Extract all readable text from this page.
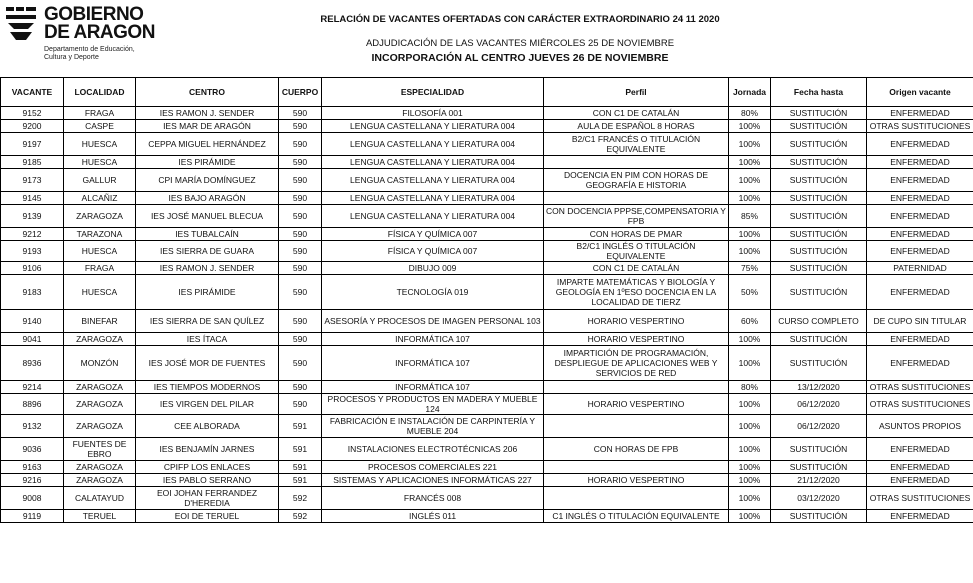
GOBIERNO
DE ARAGON
Departamento de Educación,
Cultura y Deporte
RELACIÓN DE VACANTES OFERTADAS CON CARÁCTER EXTRAORDINARIO 24 11 2020
ADJUDICACIÓN DE LAS VACANTES MIÉRCOLES 25 DE NOVIEMBRE
INCORPORACIÓN AL CENTRO JUEVES 26 DE NOVIEMBRE
VACANTE	LOCALIDAD	CENTRO	CUERPO	ESPECIALIDAD	Perfil	Jornada	Fecha hasta	Origen vacante
9152	FRAGA	IES RAMON J. SENDER	590	FILOSOFÍA 001	CON C1 DE CATALÁN	80%	SUSTITUCIÓN	ENFERMEDAD
9200	CASPE	IES MAR DE ARAGÓN	590	LENGUA CASTELLANA Y LIERATURA 004	AULA DE ESPAÑOL 8 HORAS	100%	SUSTITUCIÓN	OTRAS SUSTITUCIONES
9197	HUESCA	CEPPA MIGUEL HERNÁNDEZ	590	LENGUA CASTELLANA Y LIERATURA 004	B2/C1 FRANCÉS O TITULACIÓN EQUIVALENTE	100%	SUSTITUCIÓN	ENFERMEDAD
9185	HUESCA	IES PIRÁMIDE	590	LENGUA CASTELLANA Y LIERATURA 004		100%	SUSTITUCIÓN	ENFERMEDAD
9173	GALLUR	CPI MARÍA DOMÍNGUEZ	590	LENGUA CASTELLANA Y LIERATURA 004	DOCENCIA EN PIM CON HORAS DE GEOGRAFÍA E HISTORIA	100%	SUSTITUCIÓN	ENFERMEDAD
9145	ALCAÑIZ	IES BAJO ARAGÓN	590	LENGUA CASTELLANA Y LIERATURA 004		100%	SUSTITUCIÓN	ENFERMEDAD
9139	ZARAGOZA	IES JOSÉ MANUEL BLECUA	590	LENGUA CASTELLANA Y LIERATURA 004	CON DOCENCIA PPPSE,COMPENSATORIA Y FPB	85%	SUSTITUCIÓN	ENFERMEDAD
9212	TARAZONA	IES TUBALCAÍN	590	FÍSICA Y QUÍMICA 007	CON HORAS DE PMAR	100%	SUSTITUCIÓN	ENFERMEDAD
9193	HUESCA	IES SIERRA DE GUARA	590	FÍSICA Y QUÍMICA 007	B2/C1 INGLÉS O TITULACIÓN EQUIVALENTE	100%	SUSTITUCIÓN	ENFERMEDAD
9106	FRAGA	IES RAMON J. SENDER	590	DIBUJO 009	CON C1 DE CATALÁN	75%	SUSTITUCIÓN	PATERNIDAD
9183	HUESCA	IES PIRÁMIDE	590	TECNOLOGÍA 019	IMPARTE MATEMÁTICAS Y BIOLOGÍA Y GEOLOGÍA EN 1ºESO DOCENCIA EN LA LOCALIDAD DE TIERZ	50%	SUSTITUCIÓN	ENFERMEDAD
9140	BINEFAR	IES SIERRA DE SAN QUÍLEZ	590	ASESORÍA Y PROCESOS DE IMAGEN PERSONAL 103	HORARIO VESPERTINO	60%	CURSO COMPLETO	DE CUPO SIN TITULAR
9041	ZARAGOZA	IES ÍTACA	590	INFORMÁTICA 107	HORARIO VESPERTINO	100%	SUSTITUCIÓN	ENFERMEDAD
8936	MONZÓN	IES JOSÉ MOR DE FUENTES	590	INFORMÁTICA 107	IMPARTICIÓN DE PROGRAMACIÓN, DESPLIEGUE DE APLICACIONES WEB Y SERVICIOS DE RED	100%	SUSTITUCIÓN	ENFERMEDAD
9214	ZARAGOZA	IES TIEMPOS MODERNOS	590	INFORMÁTICA 107		80%	13/12/2020	OTRAS SUSTITUCIONES
8896	ZARAGOZA	IES VIRGEN DEL PILAR	590	PROCESOS Y PRODUCTOS EN MADERA Y MUEBLE 124	HORARIO VESPERTINO	100%	06/12/2020	OTRAS SUSTITUCIONES
9132	ZARAGOZA	CEE ALBORADA	591	FABRICACIÓN E INSTALACIÓN DE CARPINTERÍA Y MUEBLE 204		100%	06/12/2020	ASUNTOS PROPIOS
9036	FUENTES DE EBRO	IES BENJAMÍN JARNES	591	INSTALACIONES ELECTROTÉCNICAS 206	CON HORAS DE FPB	100%	SUSTITUCIÓN	ENFERMEDAD
9163	ZARAGOZA	CPIFP LOS ENLACES	591	PROCESOS COMERCIALES 221		100%	SUSTITUCIÓN	ENFERMEDAD
9216	ZARAGOZA	IES PABLO SERRANO	591	SISTEMAS Y APLICACIONES INFORMÁTICAS 227	HORARIO VESPERTINO	100%	21/12/2020	ENFERMEDAD
9008	CALATAYUD	EOI JOHAN FERRANDEZ D'HEREDIA	592	FRANCÉS 008		100%	03/12/2020	OTRAS SUSTITUCIONES
9119	TERUEL	EOI DE TERUEL	592	INGLÉS 011	C1 INGLÉS O TITULACIÓN EQUIVALENTE	100%	SUSTITUCIÓN	ENFERMEDAD
